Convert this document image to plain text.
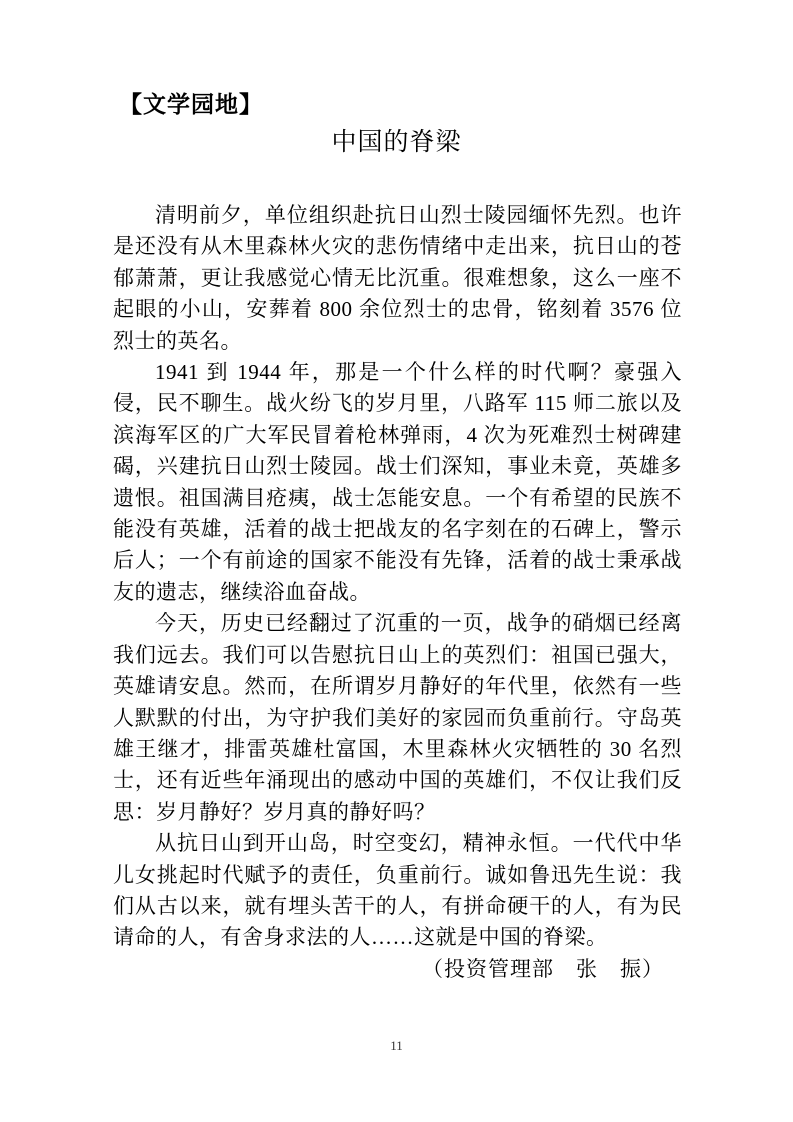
【文学园地】
中国的脊梁

清明前夕，单位组织赴抗日山烈士陵园缅怀先烈。也许是还没有从木里森林火灾的悲伤情绪中走出来，抗日山的苍郁萧萧，更让我感觉心情无比沉重。很难想象，这么一座不起眼的小山，安葬着 800 余位烈士的忠骨，铭刻着 3576 位烈士的英名。

1941 到 1944 年，那是一个什么样的时代啊？豪强入侵，民不聊生。战火纷飞的岁月里，八路军 115 师二旅以及滨海军区的广大军民冒着枪林弹雨，4 次为死难烈士树碑建碣，兴建抗日山烈士陵园。战士们深知，事业未竟，英雄多遗恨。祖国满目疮痍，战士怎能安息。一个有希望的民族不能没有英雄，活着的战士把战友的名字刻在的石碑上，警示后人；一个有前途的国家不能没有先锋，活着的战士秉承战友的遗志，继续浴血奋战。

今天，历史已经翻过了沉重的一页，战争的硝烟已经离我们远去。我们可以告慰抗日山上的英烈们：祖国已强大，英雄请安息。然而，在所谓岁月静好的年代里，依然有一些人默默的付出，为守护我们美好的家园而负重前行。守岛英雄王继才，排雷英雄杜富国，木里森林火灾牺牲的 30 名烈士，还有近些年涌现出的感动中国的英雄们，不仅让我们反思：岁月静好？岁月真的静好吗？

从抗日山到开山岛，时空变幻，精神永恒。一代代中华儿女挑起时代赋予的责任，负重前行。诚如鲁迅先生说：我们从古以来，就有埋头苦干的人，有拼命硬干的人，有为民请命的人，有舍身求法的人……这就是中国的脊梁。

（投资管理部　张　振）
11
